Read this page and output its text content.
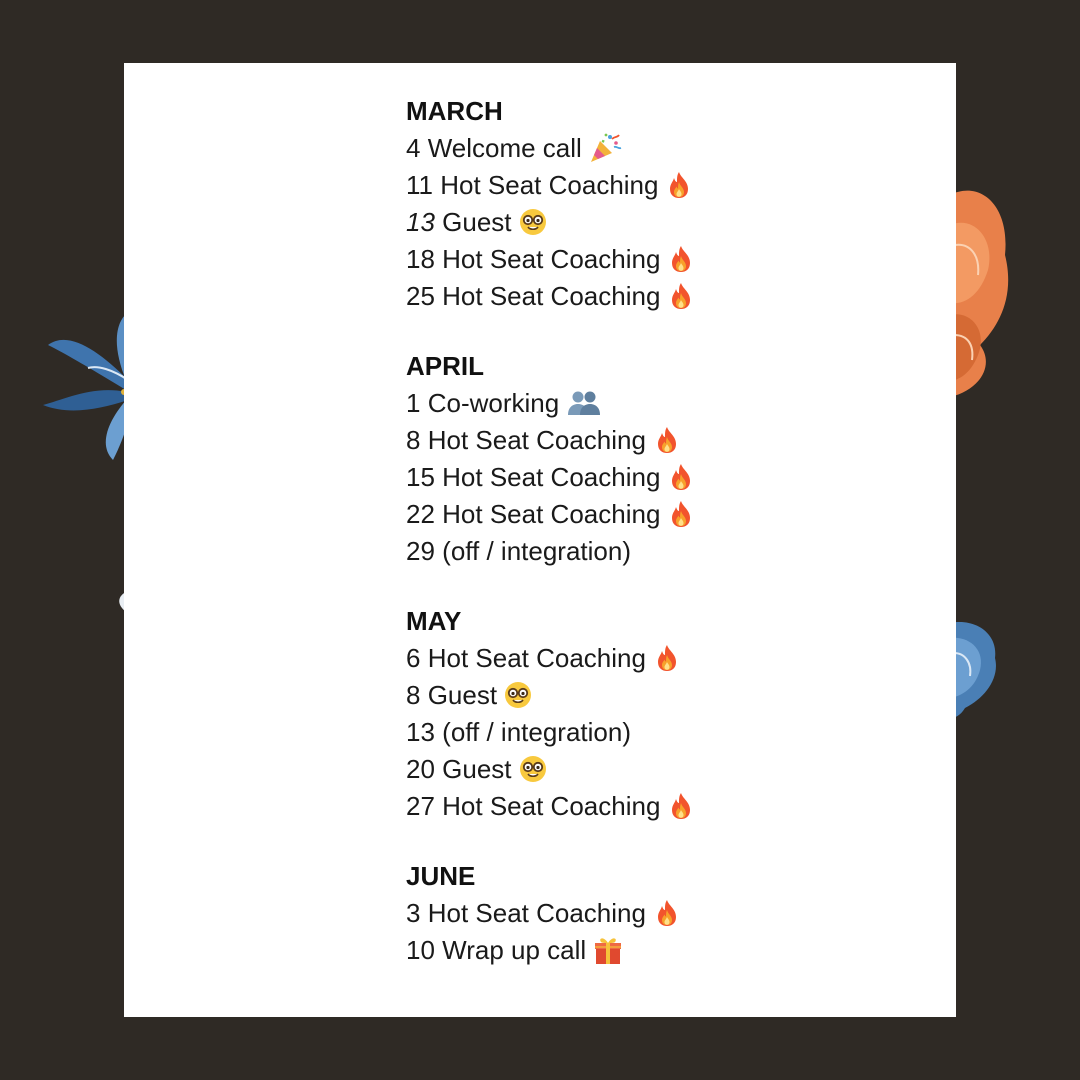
MARCH
4 Welcome call
11 Hot Seat Coaching
13 Guest
18 Hot Seat Coaching
25 Hot Seat Coaching
APRIL
1 Co-working
8 Hot Seat Coaching
15 Hot Seat Coaching
22 Hot Seat Coaching
29 (off / integration)
MAY
6 Hot Seat Coaching
8 Guest
13 (off / integration)
20 Guest
27 Hot Seat Coaching
JUNE
3 Hot Seat Coaching
10 Wrap up call
